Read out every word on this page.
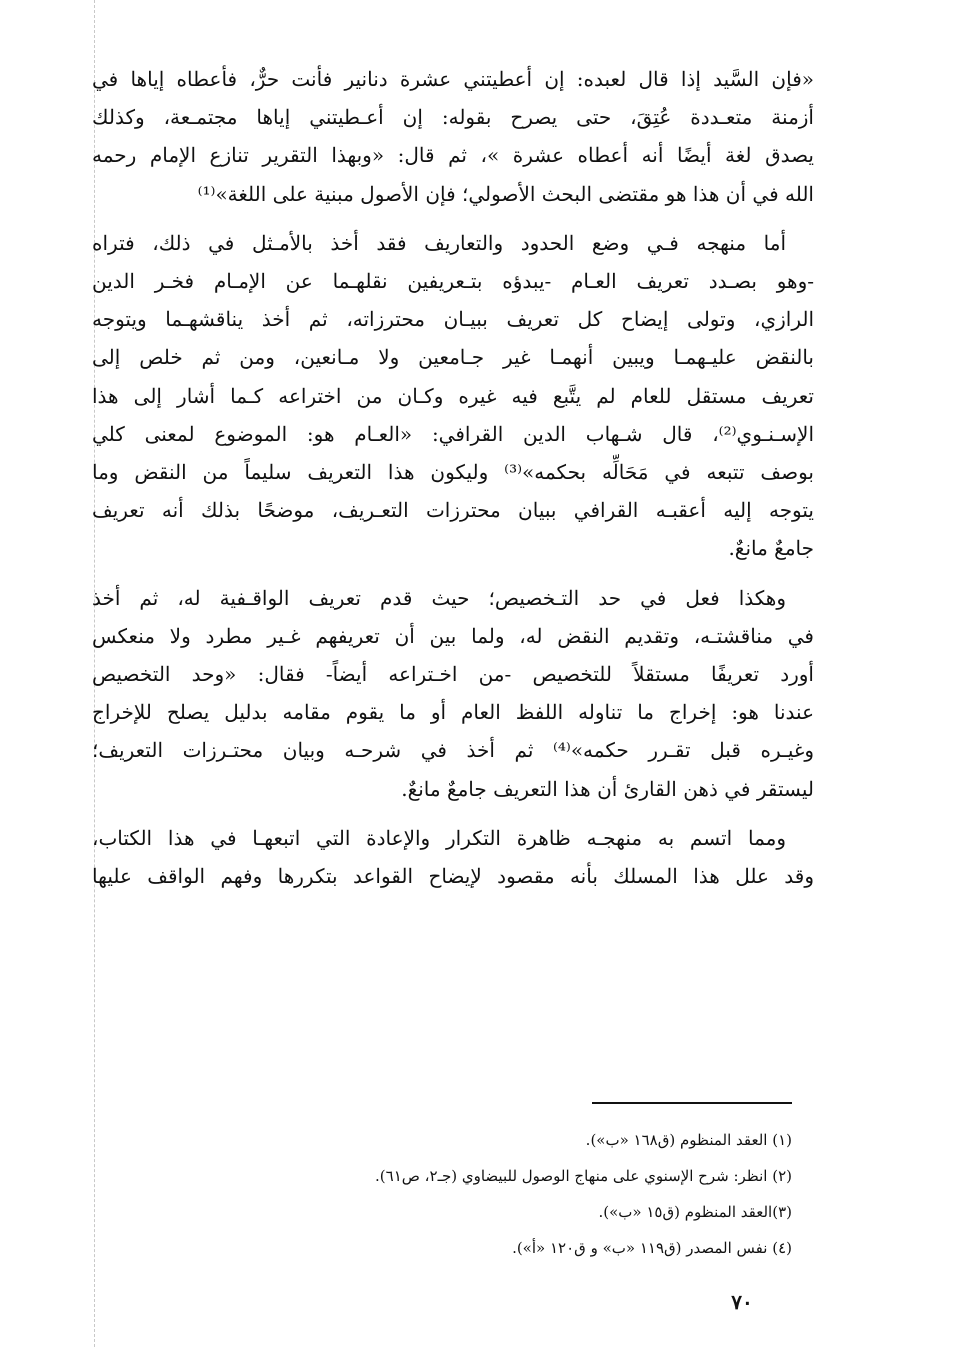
«فإن السَّيد إذا قال لعبده: إن أعطيتني عشرة دنانير فأنت حرٌّ، فأعطاه إياها في
أزمنة متعـددة عُتِقَ، حتى يصرح بقوله: إن أعـطيتني إياها مجتمـعة، وكذلك
يصدق لغة أيضًا أنه أعطاه عشرة »، ثم قال: «وبهذا التقرير تنازع الإمام رحمه
الله في أن هذا هو مقتضى البحث الأصولي؛ فإن الأصول مبنية على اللغة»⁽¹⁾

أما منهجه فـي وضع الحدود والتعاريف فقد أخذ بالأمـثل في ذلك، فتراه
-وهو بصـدد تعريف العـام -يبدؤه بتـعريفين نقلهـما عن الإمـام فخـر الدين
الرازي، وتولى إيضاح كل تعريف ببيـان محترزاته، ثم أخذ يناقشهـما ويتوجه
بالنقض عليـهمـا ويبين أنهمـا غير جـامعين ولا مـانعين، ومن ثم خلص إلى
تعريف مستقل للعام لم يتَّبع فيه غيره وكـان من اختراعه كـما أشار إلى هذا
الإسـنـوي⁽²⁾، قال شـهاب الدين القرافي: «العـام هو: الموضوع لمعنى كلي
بوصف تتبعه في مَحَالِّه بحكمه»⁽³⁾ وليكون هذا التعريف سليماً من النقض وما
يتوجه إليه أعقبـه القرافي ببيان محترزات التعـريف، موضحًا بذلك أنه تعريف
جامعٌ مانعٌ.

وهكذا فعل في حد التـخصيص؛ حيث قدم تعريف الواقـفية له، ثم أخذ
في مناقشتـه، وتقديم النقض له، ولما بين أن تعريفهم غـير مطرد ولا منعكس
أورد تعريفًا مستقلاً للتخصيص -من اخـتراعه أيضاً- فقال: «وحد التخصيص
عندنا هو: إخراج ما تناوله اللفظ العام أو ما يقوم مقامه بدليل يصلح للإخراج
وغيـره قبل تقـرر حكمه»⁽⁴⁾ ثم أخذ في شرحـه وبيان محتـرزات التعريف؛
ليستقر في ذهن القارئ أن هذا التعريف جامعٌ مانعٌ.

ومما اتسم به منهجـه ظاهرة التكرار والإعادة التي اتبعهـا في هذا الكتاب،
وقد علل هذا المسلك بأنه مقصود لإيضاح القواعد بتكررها وفهم الواقف عليها

(١) العقد المنظوم (ق١٦٨ «ب»).
(٢) انظر: شرح الإسنوي على منهاج الوصول للبيضاوي (جـ٢، ص٦١).
(٣)العقد المنظوم (ق١٥ «ب»).
(٤) نفس المصدر (ق١١٩ «ب» و ق١٢٠ «أ»).
٧٠
